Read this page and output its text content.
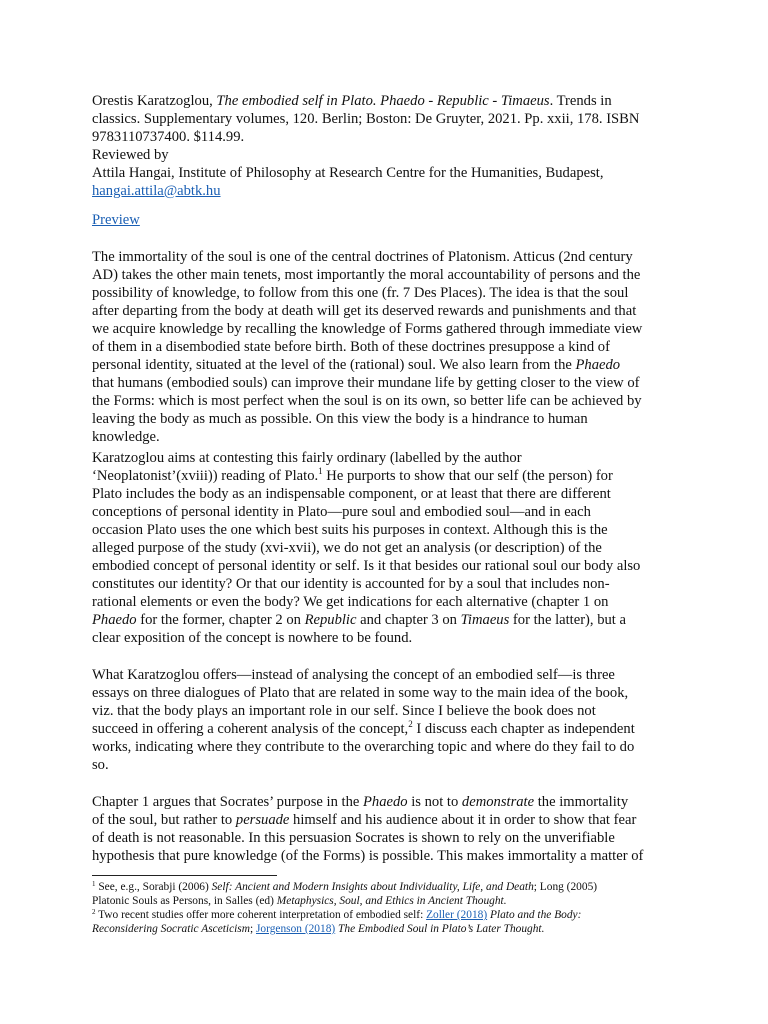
Orestis Karatzoglou, The embodied self in Plato. Phaedo - Republic - Timaeus. Trends in
classics. Supplementary volumes, 120. Berlin; Boston: De Gruyter, 2021. Pp. xxii, 178. ISBN
9783110737400. $114.99.
Reviewed by
Attila Hangai, Institute of Philosophy at Research Centre for the Humanities, Budapest,
hangai.attila@abtk.hu
Preview
The immortality of the soul is one of the central doctrines of Platonism. Atticus (2nd century
AD) takes the other main tenets, most importantly the moral accountability of persons and the
possibility of knowledge, to follow from this one (fr. 7 Des Places). The idea is that the soul
after departing from the body at death will get its deserved rewards and punishments and that
we acquire knowledge by recalling the knowledge of Forms gathered through immediate view
of them in a disembodied state before birth. Both of these doctrines presuppose a kind of
personal identity, situated at the level of the (rational) soul. We also learn from the Phaedo
that humans (embodied souls) can improve their mundane life by getting closer to the view of
the Forms: which is most perfect when the soul is on its own, so better life can be achieved by
leaving the body as much as possible. On this view the body is a hindrance to human
knowledge.
Karatzoglou aims at contesting this fairly ordinary (labelled by the author
‘Neoplatonist’(xviii)) reading of Plato.$^1$ He purports to show that our self (the person) for
Plato includes the body as an indispensable component, or at least that there are different
conceptions of personal identity in Plato—pure soul and embodied soul—and in each
occasion Plato uses the one which best suits his purposes in context. Although this is the
alleged purpose of the study (xvi-xvii), we do not get an analysis (or description) of the
embodied concept of personal identity or self. Is it that besides our rational soul our body also
constitutes our identity? Or that our identity is accounted for by a soul that includes non-
rational elements or even the body? We get indications for each alternative (chapter 1 on
Phaedo for the former, chapter 2 on Republic and chapter 3 on Timaeus for the latter), but a
clear exposition of the concept is nowhere to be found.
What Karatzoglou offers—instead of analysing the concept of an embodied self—is three
essays on three dialogues of Plato that are related in some way to the main idea of the book,
viz. that the body plays an important role in our self. Since I believe the book does not
succeed in offering a coherent analysis of the concept,$^2$ I discuss each chapter as independent
works, indicating where they contribute to the overarching topic and where do they fail to do
so.
Chapter 1 argues that Socrates’ purpose in the Phaedo is not to demonstrate the immortality
of the soul, but rather to persuade himself and his audience about it in order to show that fear
of death is not reasonable. In this persuasion Socrates is shown to rely on the unverifiable
hypothesis that pure knowledge (of the Forms) is possible. This makes immortality a matter of
$^1$ See, e.g., Sorabji (2006) Self: Ancient and Modern Insights about Individuality, Life, and Death; Long (2005)
Platonic Souls as Persons, in Salles (ed) Metaphysics, Soul, and Ethics in Ancient Thought.
$^2$ Two recent studies offer more coherent interpretation of embodied self: Zoller (2018) Plato and the Body:
Reconsidering Socratic Asceticism; Jorgenson (2018) The Embodied Soul in Plato’s Later Thought.
